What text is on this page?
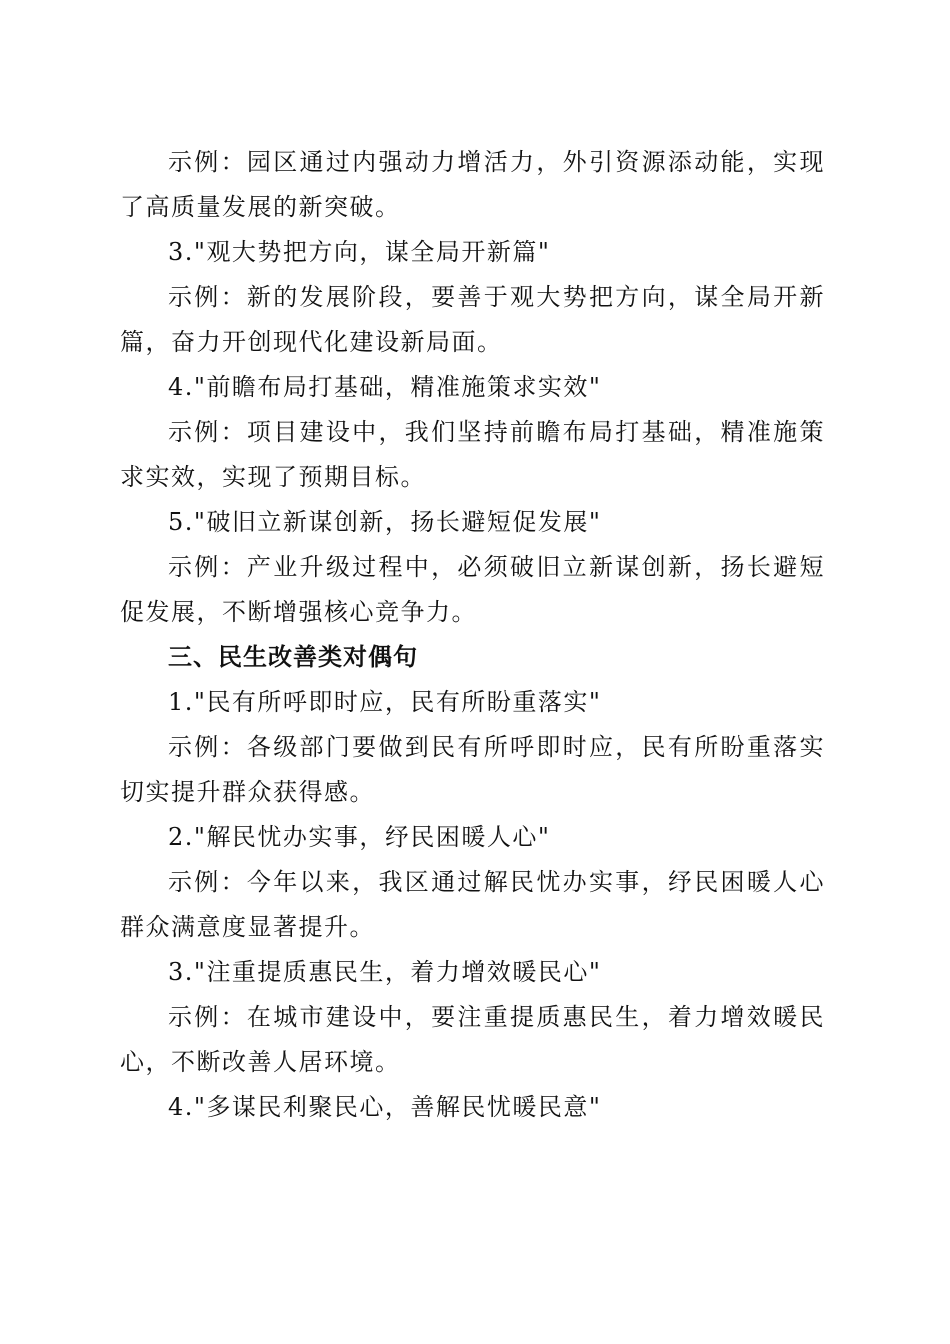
示例：园区通过内强动力增活力，外引资源添动能，实现了高质量发展的新突破。

3."观大势把方向，谋全局开新篇"

示例：新的发展阶段，要善于观大势把方向，谋全局开新篇，奋力开创现代化建设新局面。

4."前瞻布局打基础，精准施策求实效"

示例：项目建设中，我们坚持前瞻布局打基础，精准施策求实效，实现了预期目标。

5."破旧立新谋创新，扬长避短促发展"

示例：产业升级过程中，必须破旧立新谋创新，扬长避短促发展，不断增强核心竞争力。

三、民生改善类对偶句

1."民有所呼即时应，民有所盼重落实"

示例：各级部门要做到民有所呼即时应，民有所盼重落实切实提升群众获得感。

2."解民忧办实事，纾民困暖人心"

示例：今年以来，我区通过解民忧办实事，纾民困暖人心群众满意度显著提升。

3."注重提质惠民生，着力增效暖民心"

示例：在城市建设中，要注重提质惠民生，着力增效暖民心，不断改善人居环境。

4."多谋民利聚民心，善解民忧暖民意"
